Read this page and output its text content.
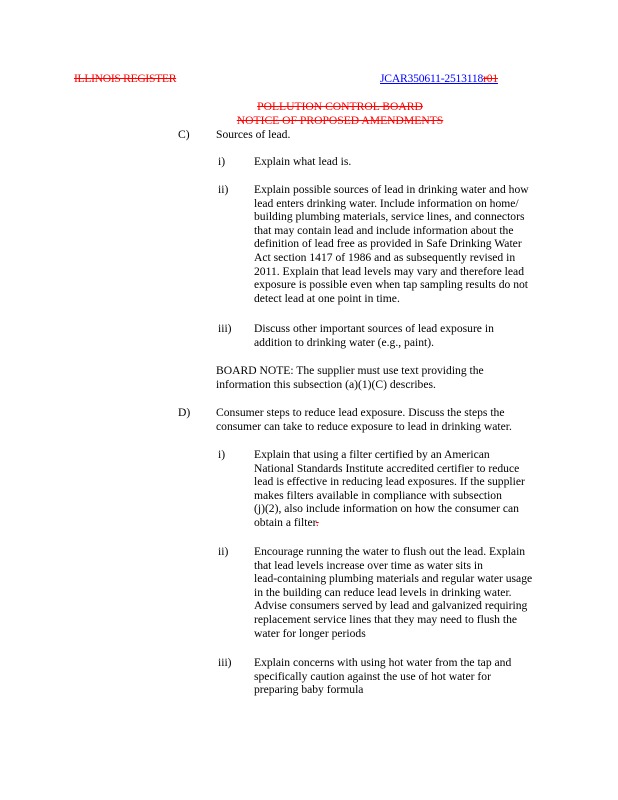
ILLINOIS REGISTER	JCAR350611-2513118r01
POLLUTION CONTROL BOARD
NOTICE OF PROPOSED AMENDMENTS
C) Sources of lead.
i) Explain what lead is.
ii) Explain possible sources of lead in drinking water and how
lead enters drinking water. Include information on home/
building plumbing materials, service lines, and connectors
that may contain lead and include information about the
definition of lead free as provided in Safe Drinking Water
Act section 1417 of 1986 and as subsequently revised in
2011. Explain that lead levels may vary and therefore lead
exposure is possible even when tap sampling results do not
detect lead at one point in time.
iii) Discuss other important sources of lead exposure in
addition to drinking water (e.g., paint).
BOARD NOTE: The supplier must use text providing the
information this subsection (a)(1)(C) describes.
D) Consumer steps to reduce lead exposure. Discuss the steps the
consumer can take to reduce exposure to lead in drinking water.
i) Explain that using a filter certified by an American
National Standards Institute accredited certifier to reduce
lead is effective in reducing lead exposures. If the supplier
makes filters available in compliance with subsection
(j)(2), also include information on how the consumer can
obtain a filter.
ii) Encourage running the water to flush out the lead. Explain
that lead levels increase over time as water sits in
lead-containing plumbing materials and regular water usage
in the building can reduce lead levels in drinking water.
Advise consumers served by lead and galvanized requiring
replacement service lines that they may need to flush the
water for longer periods
iii) Explain concerns with using hot water from the tap and
specifically caution against the use of hot water for
preparing baby formula
